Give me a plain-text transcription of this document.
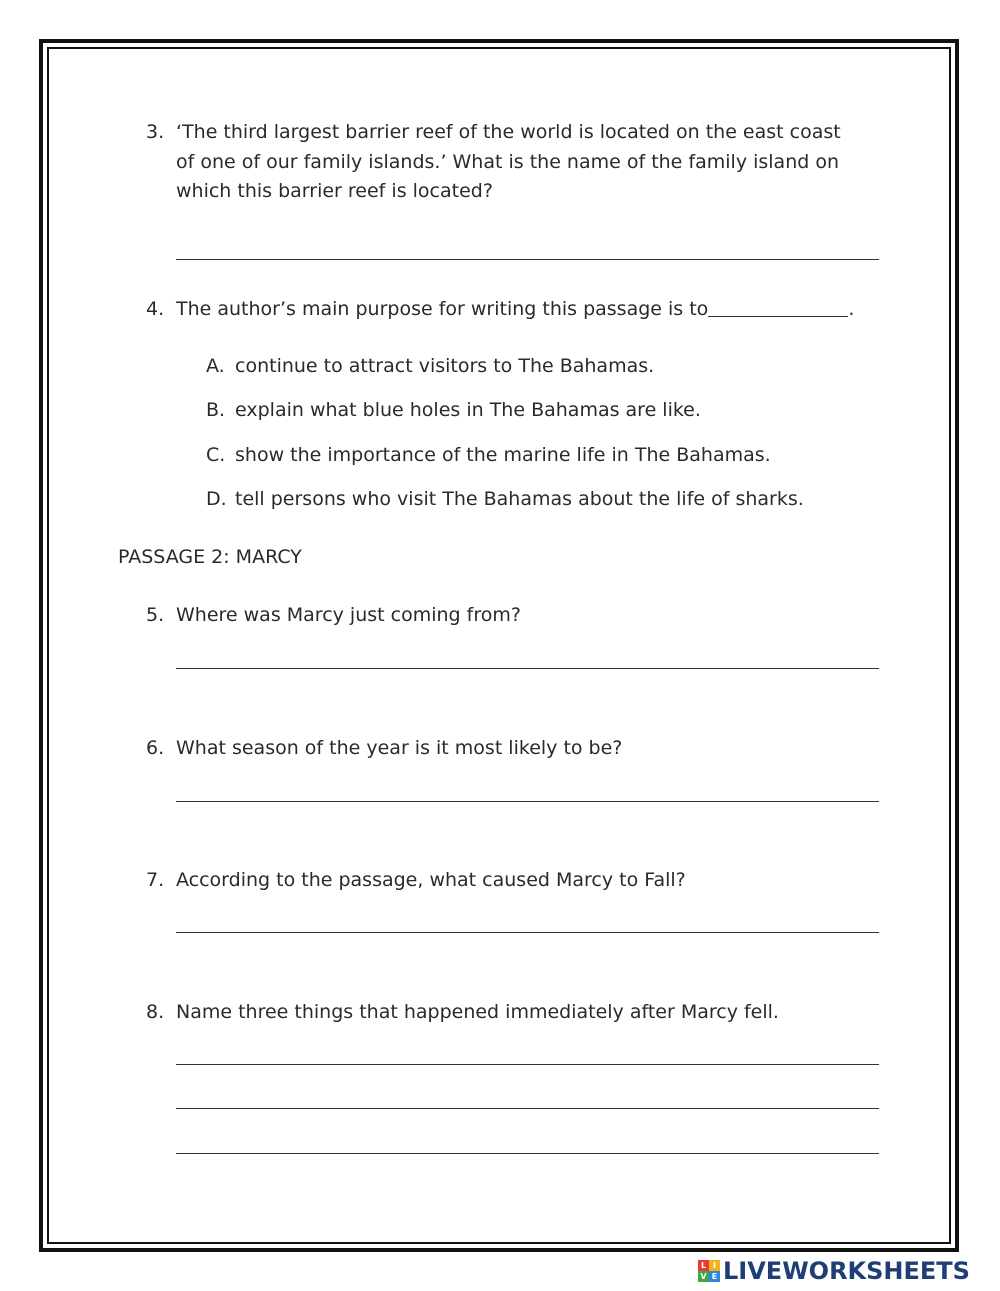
3. ‘The third largest barrier reef of the world is located on the east coast
of one of our family islands.’ What is the name of the family island on
which this barrier reef is located?
4. The author’s main purpose for writing this passage is to	.
A. continue to attract visitors to The Bahamas.
B. explain what blue holes in The Bahamas are like.
C. show the importance of the marine life in The Bahamas.
D. tell persons who visit The Bahamas about the life of sharks.
PASSAGE 2: MARCY
5. Where was Marcy just coming from?
6. What season of the year is it most likely to be?
7. According to the passage, what caused Marcy to Fall?
8. Name three things that happened immediately after Marcy fell.
L I
V E LIVEWORKSHEETS
